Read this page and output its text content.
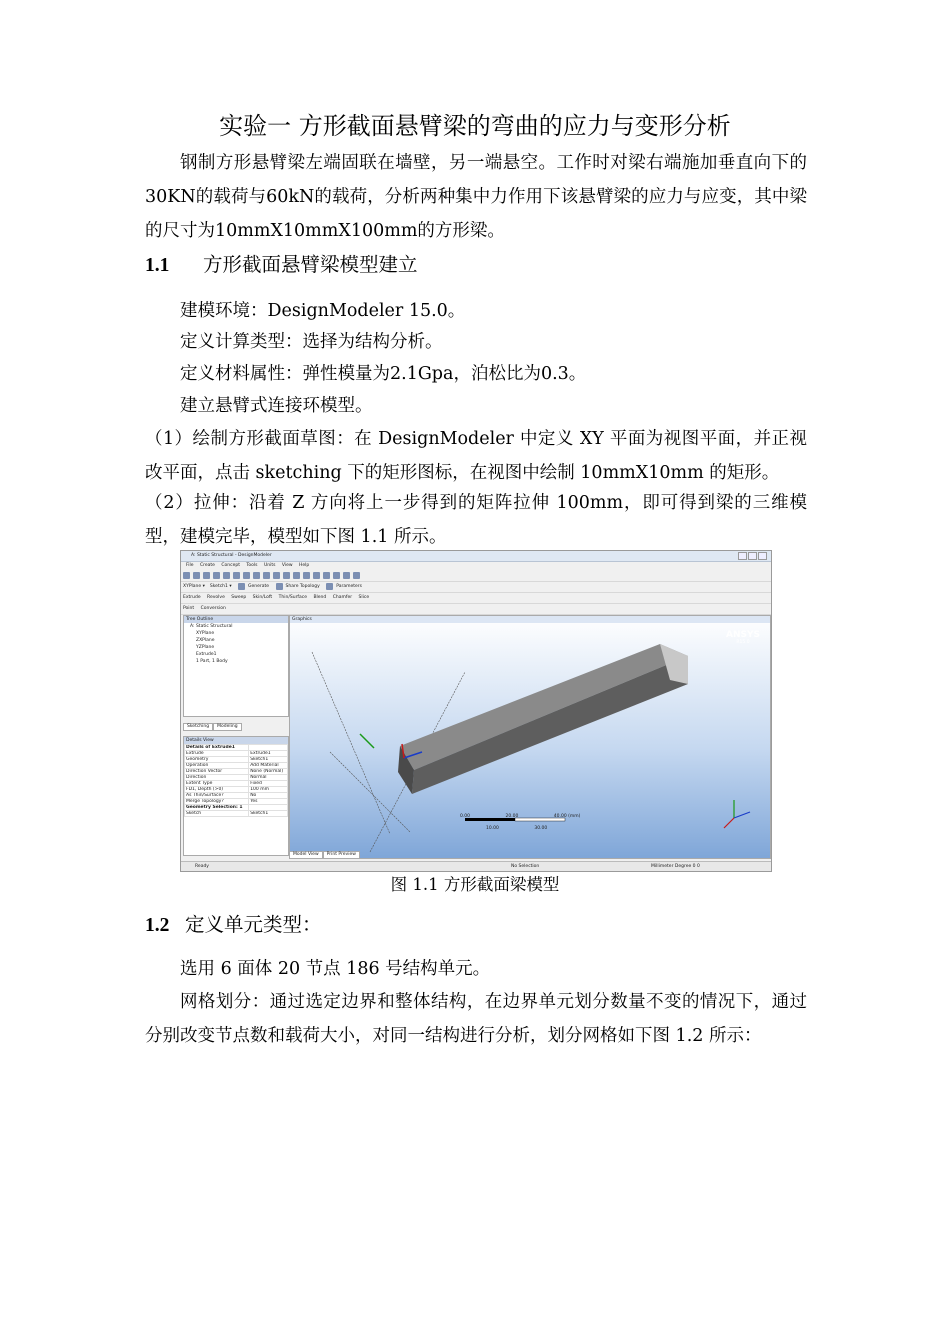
实验一 方形截面悬臂梁的弯曲的应力与变形分析
钢制方形悬臂梁左端固联在墙壁，另一端悬空。工作时对梁右端施加垂直向下的30KN的载荷与60kN的载荷，分析两种集中力作用下该悬臂梁的应力与应变，其中梁的尺寸为10mmX10mmX100mm的方形梁。
1.1 方形截面悬臂梁模型建立
建模环境：DesignModeler 15.0。
定义计算类型：选择为结构分析。
定义材料属性：弹性模量为2.1Gpa，泊松比为0.3。
建立悬臂式连接环模型。
（1）绘制方形截面草图：在 DesignModeler 中定义 XY 平面为视图平面，并正视改平面，点击 sketching 下的矩形图标，在视图中绘制 10mmX10mm 的矩形。
（2）拉伸：沿着 Z 方向将上一步得到的矩阵拉伸 100mm，即可得到梁的三维模型，建模完毕，模型如下图 1.1 所示。
A: Static Structural - DesignModeler
File Create Concept Tools Units View Help
XYPlane ▾ Sketch1 ▾	Generate	Share Topology	Parameters
Extrude Revolve Sweep Skin/Loft Thin/Surface Blend Chamfer Slice
Point Conversion
Tree Outline
A: Static Structural
XYPlane
ZXPlane
YZPlane
Extrude1
1 Part, 1 Body
Sketching Modeling
Details View
Details of Extrude1	
Extrude	Extrude1
Geometry	Sketch1
Operation	Add Material
Direction Vector	None (Normal)
Direction	Normal
Extent Type	Fixed
FD1, Depth (>0)	100 mm
As Thin/Surface?	No
Merge Topology?	Yes
Geometry Selection: 1	
Sketch	Sketch1
Graphics
ANSYS
R15.0
0.00	20.00	40.00 (mm)
10.00	30.00
Model View Print Preview
Ready	No Selection	Millimeter Degree 0 0
图 1.1 方形截面梁模型
1.2 定义单元类型：
选用 6 面体 20 节点 186 号结构单元。
网格划分：通过选定边界和整体结构，在边界单元划分数量不变的情况下，通过分别改变节点数和载荷大小，对同一结构进行分析，划分网格如下图 1.2 所示：
